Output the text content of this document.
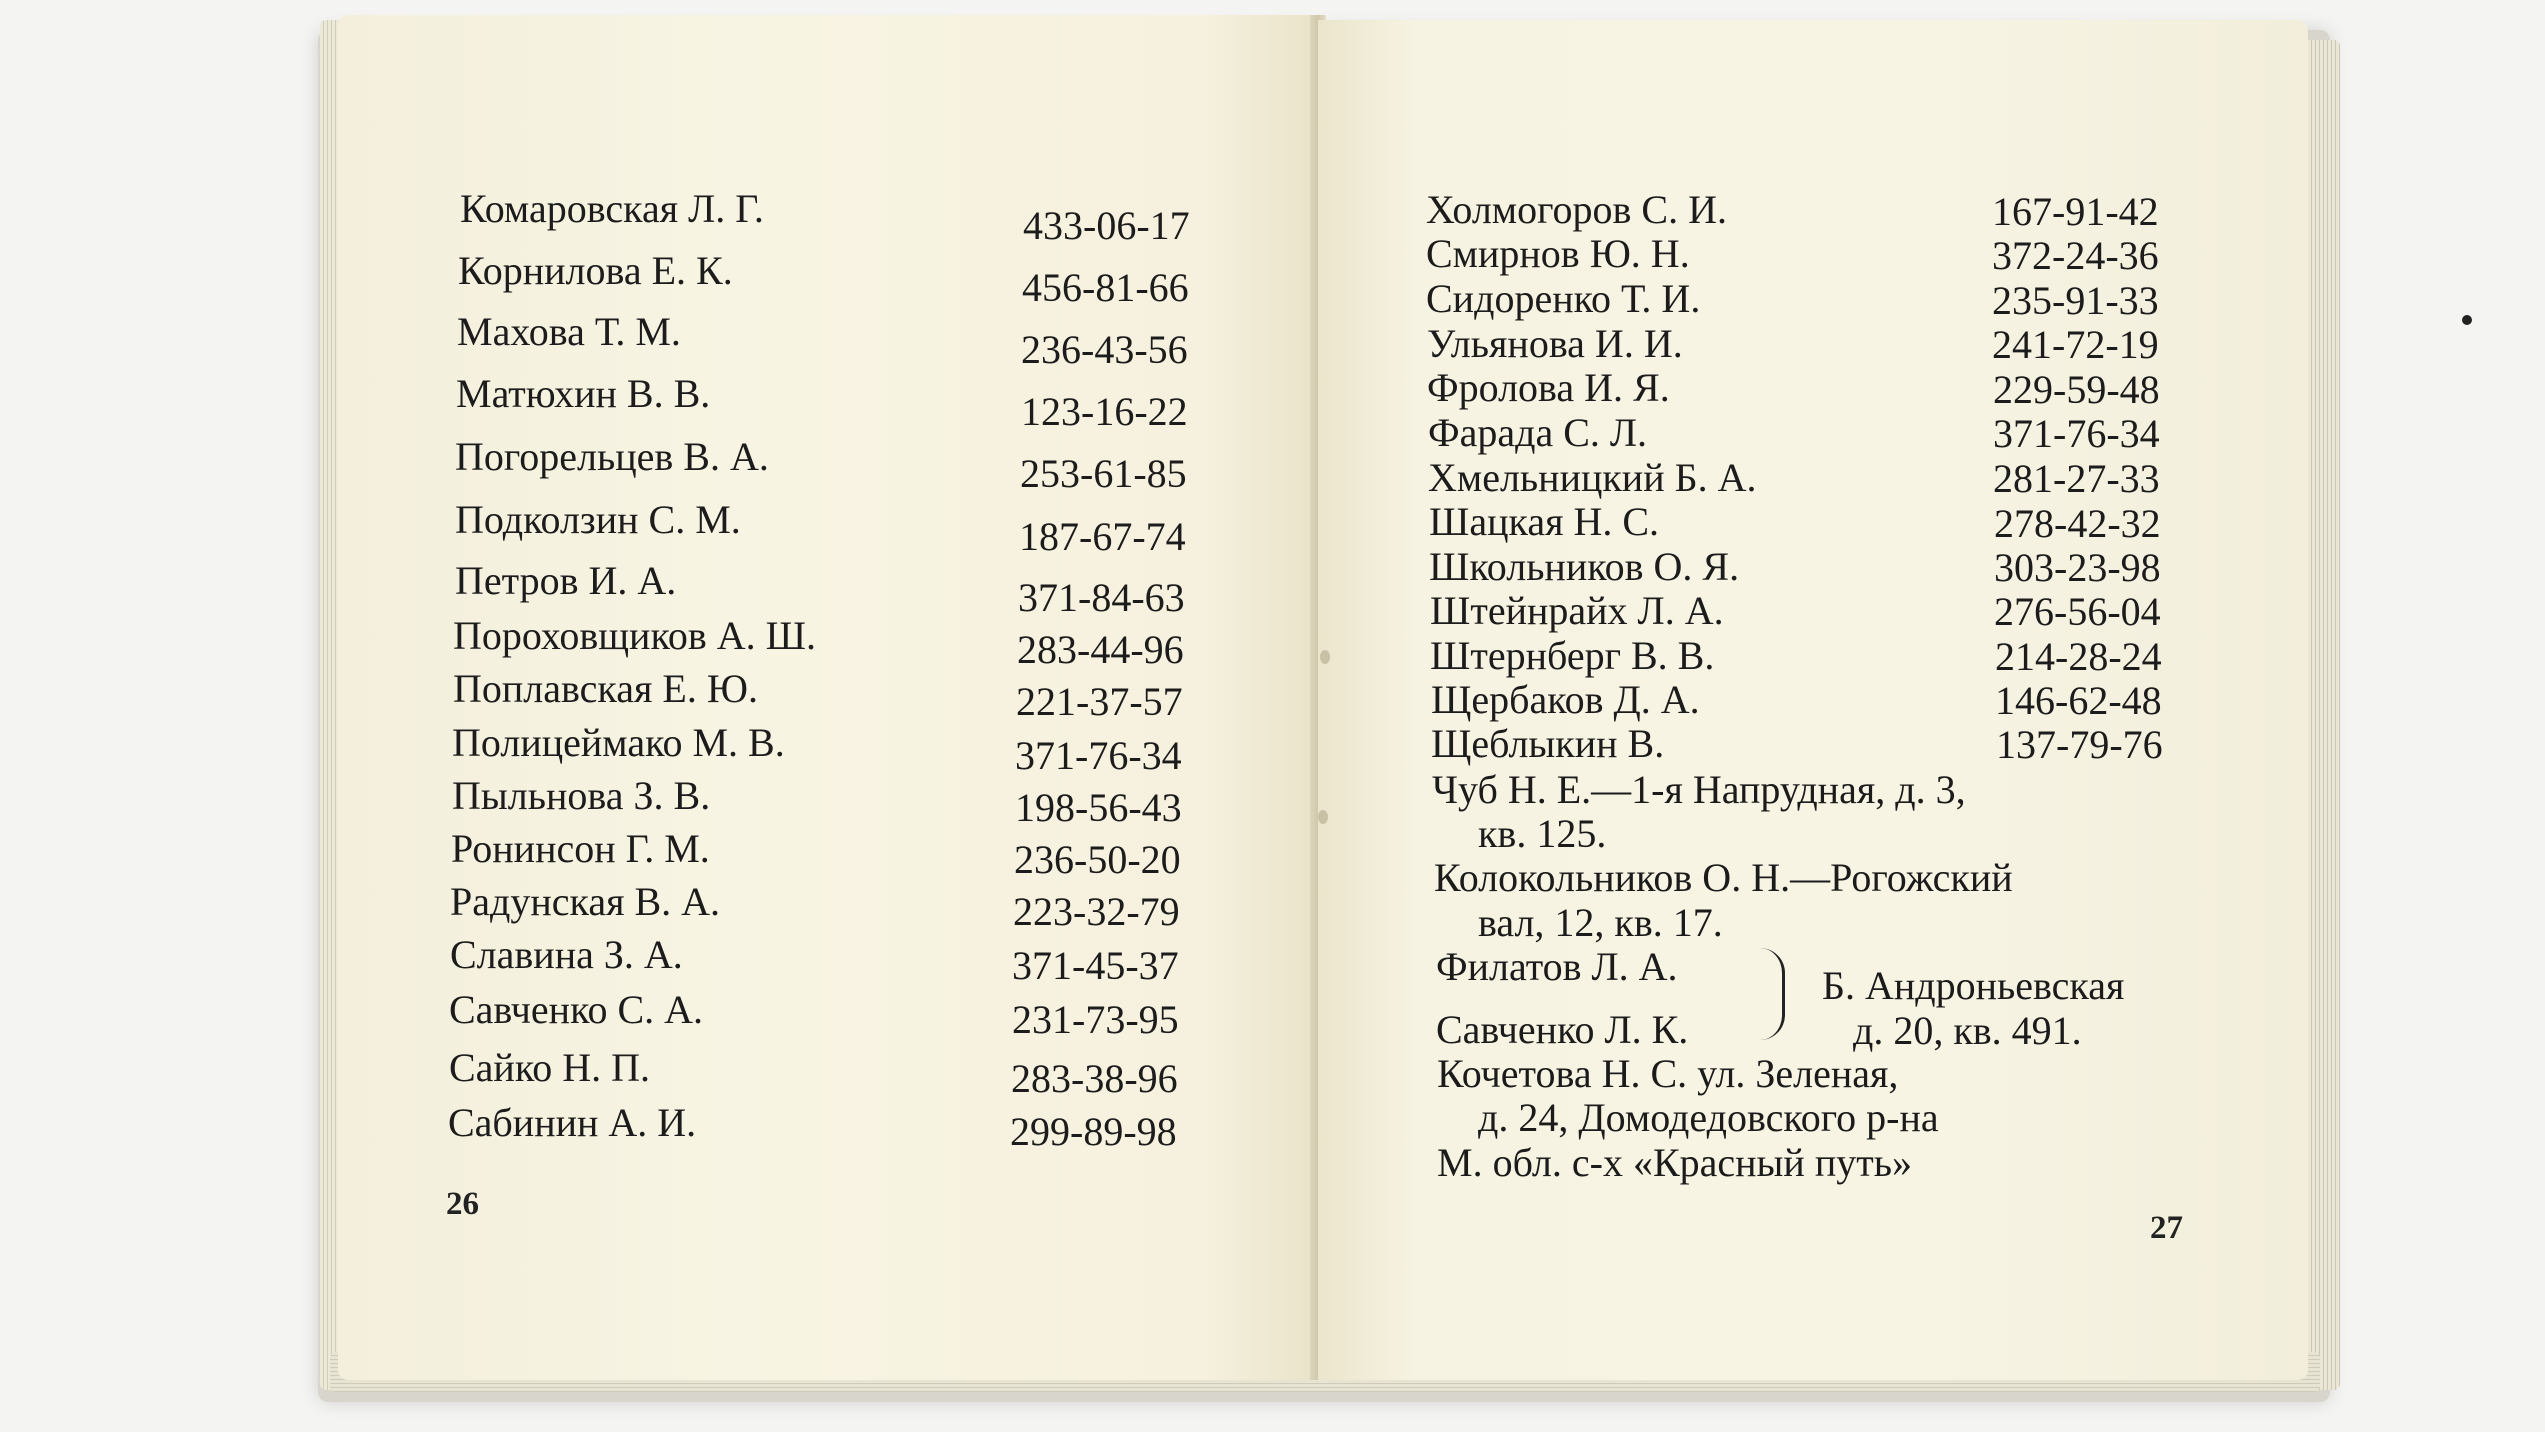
Комаровская Л. Г.	433-06-17
Корнилова Е. К.	456-81-66
Махова Т. М.	236-43-56
Матюхин В. В.	123-16-22
Погорельцев В. А.	253-61-85
Подколзин С. М.	187-67-74
Петров И. А.	371-84-63
Пороховщиков А. Ш.	283-44-96
Поплавская Е. Ю.	221-37-57
Полицеймако М. В.	371-76-34
Пыльнова З. В.	198-56-43
Ронинсон Г. М.	236-50-20
Радунская В. А.	223-32-79
Славина З. А.	371-45-37
Савченко С. А.	231-73-95
Сайко Н. П.	283-38-96
Сабинин А. И.	299-89-98
26
Холмогоров С. И.	167-91-42
Смирнов Ю. Н.	372-24-36
Сидоренко Т. И.	235-91-33
Ульянова И. И.	241-72-19
Фролова И. Я.	229-59-48
Фарада С. Л.	371-76-34
Хмельницкий Б. А.	281-27-33
Шацкая Н. С.	278-42-32
Школьников О. Я.	303-23-98
Штейнрайх Л. А.	276-56-04
Штернберг В. В.	214-28-24
Щербаков Д. А.	146-62-48
Щеблыкин В.	137-79-76
Чуб Н. Е.—1-я Напрудная, д. 3,
кв. 125.
Колокольников О. Н.—Рогожский
вал, 12, кв. 17.
Филатов Л. А.
Савченко Л. К.
Б. Андроньевская
д. 20, кв. 491.
Кочетова Н. С. ул. Зеленая,
д. 24, Домодедовского р-на
М. обл. с-х «Красный путь»
27
